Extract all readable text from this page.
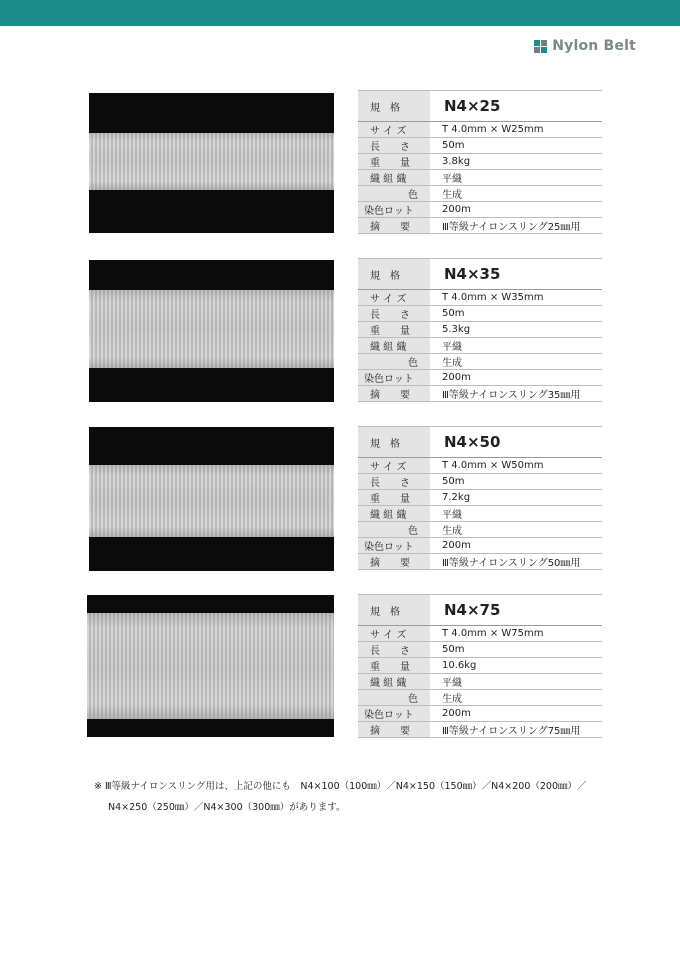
Nylon Belt
規　格	N4×25

サ イ ズ	T 4.0mm × W25mm

長　　さ	50m

重　　量	3.8kg

織 組 織	平織

色	生成

染色ロット	200m

摘　　要	Ⅲ等級ナイロンスリング25㎜用
規　格	N4×35

サ イ ズ	T 4.0mm × W35mm

長　　さ	50m

重　　量	5.3kg

織 組 織	平織

色	生成

染色ロット	200m

摘　　要	Ⅲ等級ナイロンスリング35㎜用
規　格	N4×50

サ イ ズ	T 4.0mm × W50mm

長　　さ	50m

重　　量	7.2kg

織 組 織	平織

色	生成

染色ロット	200m

摘　　要	Ⅲ等級ナイロンスリング50㎜用
規　格	N4×75

サ イ ズ	T 4.0mm × W75mm

長　　さ	50m

重　　量	10.6kg

織 組 織	平織

色	生成

染色ロット	200m

摘　　要	Ⅲ等級ナイロンスリング75㎜用
※ Ⅲ等級ナイロンスリング用は、上記の他にも　N4×100（100㎜）／N4×150（150㎜）／N4×200（200㎜）／
N4×250（250㎜）／N4×300（300㎜）があります。
